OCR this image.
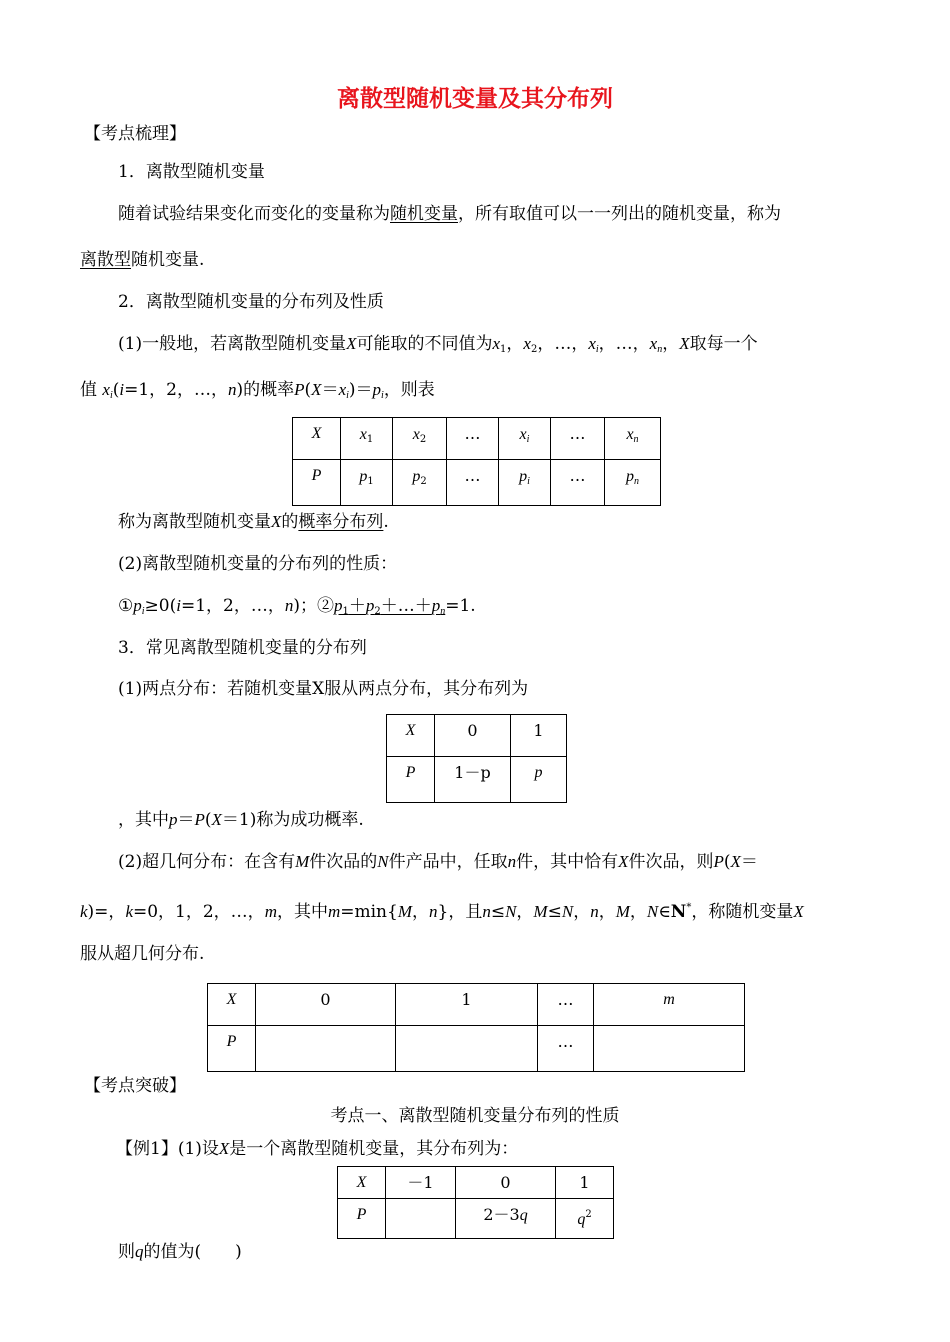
离散型随机变量及其分布列
【考点梳理】
1．离散型随机变量
随着试验结果变化而变化的变量称为随机变量，所有取值可以一一列出的随机变量，称为
离散型随机变量.
2．离散型随机变量的分布列及性质
(1)一般地，若离散型随机变量X可能取的不同值为$x_1$，$x_2$，…，$x_i$，…，$x_n$，X取每一个
值 $x_i(i=1$，2，…，n)的概率$P(X=x_i)=p_i$，则表
X	$x_1$	$x_2$	…	$x_i$	…	$x_n$
P	$p_1$	$p_2$	…	$p_i$	…	$p_n$
称为离散型随机变量X的概率分布列.
(2)离散型随机变量的分布列的性质：
$①p_i\ge 0(i=1$，2，…，n)；$②p_1+p_2+\dots+p_n=1$.
3．常见离散型随机变量的分布列
(1)两点分布：若随机变量X服从两点分布，其分布列为
X	0	1
P	1－p	p
，其中p＝P(X＝1)称为成功概率.
(2)超几何分布：在含有M件次品的N件产品中，任取n件，其中恰有X件次品，则P(X＝
k)=，k=0，1，2，…，m，其中m=min{M，n}，且n≤N，M≤N，n，M，N∈N*，称随机变量X
服从超几何分布.
X	0	1	…	m
P			…	
【考点突破】
考点一、离散型随机变量分布列的性质
【例1】(1)设X是一个离散型随机变量，其分布列为：
X	－1	0	1
P		2－3q	$q^2$
则q的值为(　　)
